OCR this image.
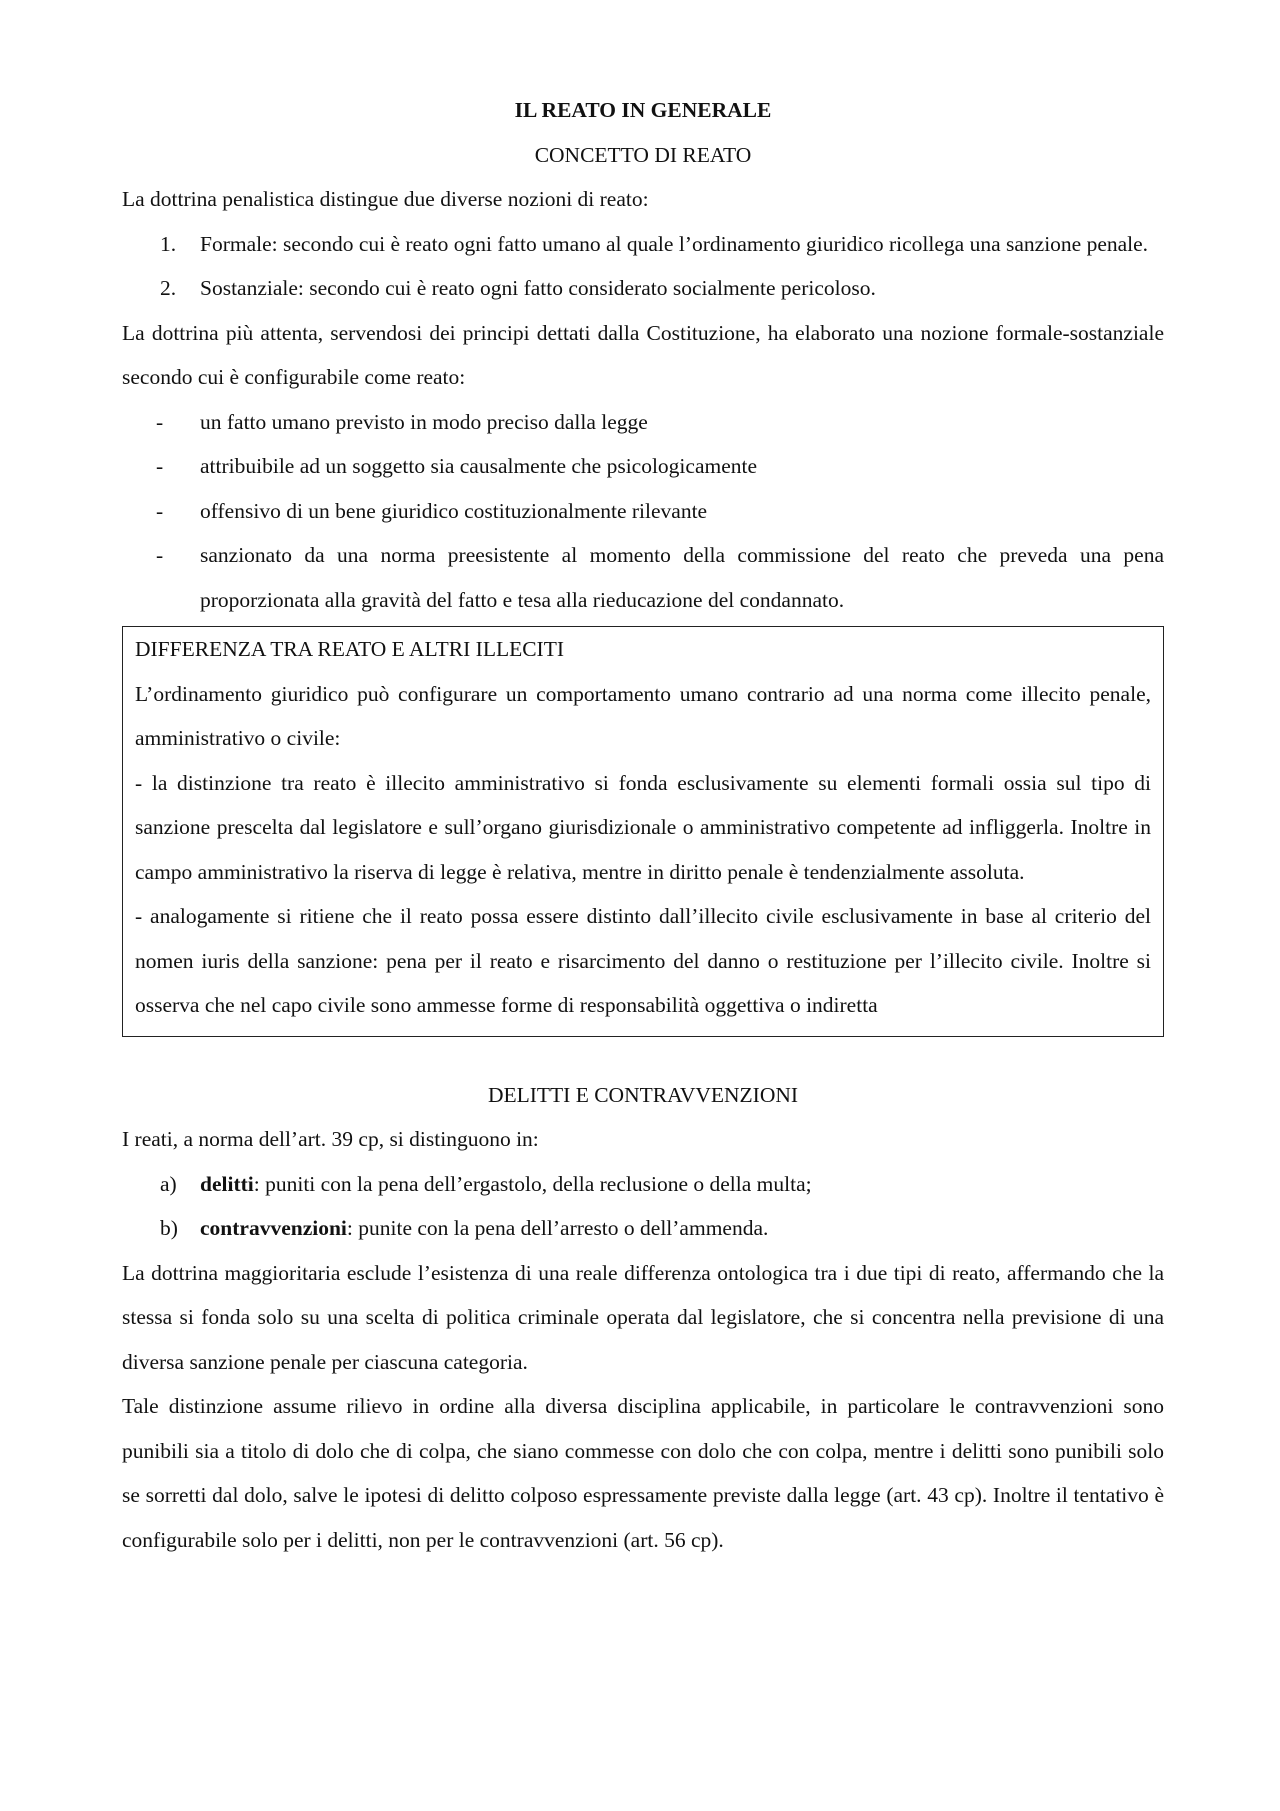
IL REATO IN GENERALE

CONCETTO DI REATO

La dottrina penalistica distingue due diverse nozioni di reato:

1.	Formale: secondo cui è reato ogni fatto umano al quale l’ordinamento giuridico ricollega una sanzione penale.
2.	Sostanziale: secondo cui è reato ogni fatto considerato socialmente pericoloso.

La dottrina più attenta, servendosi dei principi dettati dalla Costituzione, ha elaborato una nozione formale-sostanziale secondo cui è configurabile come reato:

-	un fatto umano previsto in modo preciso dalla legge
-	attribuibile ad un soggetto sia causalmente che psicologicamente
-	offensivo di un bene giuridico costituzionalmente rilevante
-	sanzionato da una norma preesistente al momento della commissione del reato che preveda una pena proporzionata alla gravità del fatto e tesa alla rieducazione del condannato.

DIFFERENZA TRA REATO E ALTRI ILLECITI

L’ordinamento giuridico può configurare un comportamento umano contrario ad una norma come illecito penale, amministrativo o civile:

- la distinzione tra reato è illecito amministrativo si fonda esclusivamente su elementi formali ossia sul tipo di sanzione prescelta dal legislatore e sull’organo giurisdizionale o amministrativo competente ad infliggerla. Inoltre in campo amministrativo la riserva di legge è relativa, mentre in diritto penale è tendenzialmente assoluta.

- analogamente si ritiene che il reato possa essere distinto dall’illecito civile esclusivamente in base al criterio del nomen iuris della sanzione: pena per il reato e risarcimento del danno o restituzione per l’illecito civile. Inoltre si osserva che nel capo civile sono ammesse forme di responsabilità oggettiva o indiretta

DELITTI E CONTRAVVENZIONI

I reati, a norma dell’art. 39 cp, si distinguono in:

a)	delitti: puniti con la pena dell’ergastolo, della reclusione o della multa;
b)	contravvenzioni: punite con la pena dell’arresto o dell’ammenda.

La dottrina maggioritaria esclude l’esistenza di una reale differenza ontologica tra i due tipi di reato, affermando che la stessa si fonda solo su una scelta di politica criminale operata dal legislatore, che si concentra nella previsione di una diversa sanzione penale per ciascuna categoria.

Tale distinzione assume rilievo in ordine alla diversa disciplina applicabile, in particolare le contravvenzioni sono punibili sia a titolo di dolo che di colpa, che siano commesse con dolo che con colpa, mentre i delitti sono punibili solo se sorretti dal dolo, salve le ipotesi di delitto colposo espressamente previste dalla legge (art. 43 cp). Inoltre il tentativo è configurabile solo per i delitti, non per le contravvenzioni (art. 56 cp).
